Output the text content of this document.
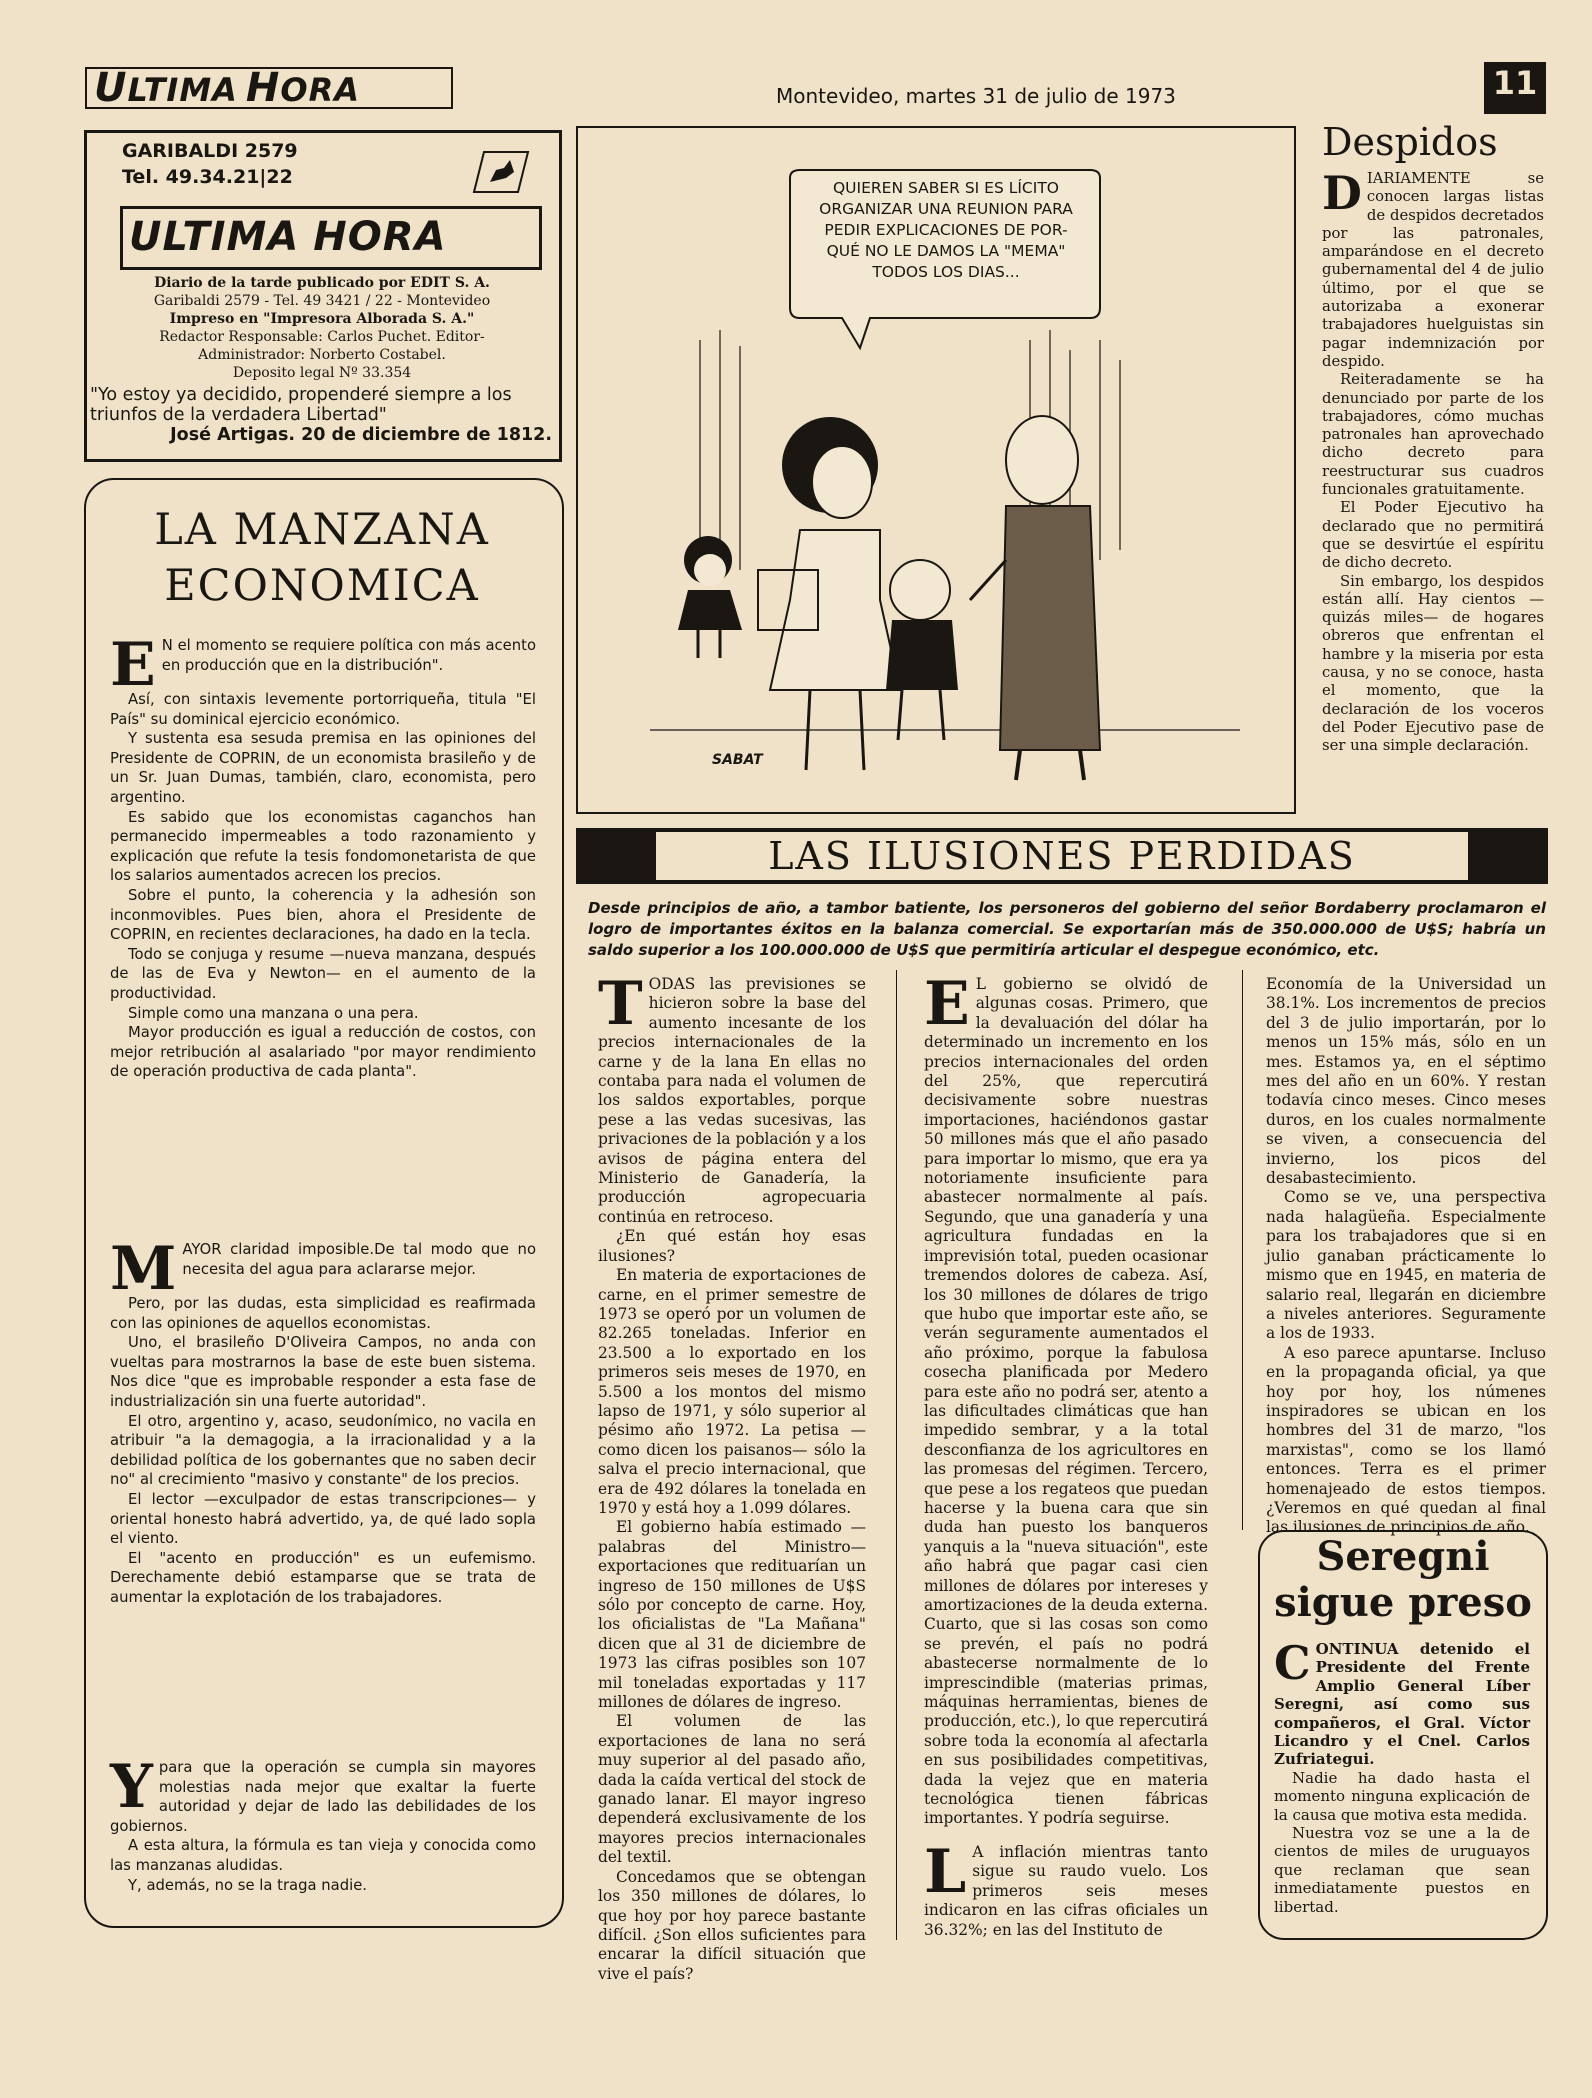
ULTIMA HORA	Montevideo, martes 31 de julio de 1973	11
GARIBALDI 2579
Tel. 49.34.21|22
ULTIMA HORA
Diario de la tarde publicado por EDIT S. A.
Garibaldi 2579 - Tel. 49 3421 / 22 - Montevideo
Impreso en "Impresora Alborada S. A."
Redactor Responsable: Carlos Puchet. Editor-
Administrador: Norberto Costabel.
Deposito legal Nº 33.354
"Yo estoy ya decidido, propenderé siempre a los triunfos de la verdadera Libertad"
José Artigas. 20 de diciembre de 1812.
LA MANZANA
ECONOMICA

E N el momento se requiere política con más acento en producción que en la distribución".

Así, con sintaxis levemente portorriqueña, titula "El País" su dominical ejercicio económico.

Y sustenta esa sesuda premisa en las opiniones del Presidente de COPRIN, de un economista brasileño y de un Sr. Juan Dumas, también, claro, economista, pero argentino.

Es sabido que los economistas caganchos han permanecido impermeables a todo razonamiento y explicación que refute la tesis fondomonetarista de que los salarios aumentados acrecen los precios.

Sobre el punto, la coherencia y la adhesión son inconmovibles. Pues bien, ahora el Presidente de COPRIN, en recientes declaraciones, ha dado en la tecla.

Todo se conjuga y resume —nueva manzana, después de las de Eva y Newton— en el aumento de la productividad.

Simple como una manzana o una pera.

Mayor producción es igual a reducción de costos, con mejor retribución al asalariado "por mayor rendimiento de operación productiva de cada planta".

MAYOR claridad imposible.De tal modo que no necesita del agua para aclararse mejor.

Pero, por las dudas, esta simplicidad es reafirmada con las opiniones de aquellos economistas.

Uno, el brasileño D'Oliveira Campos, no anda con vueltas para mostrarnos la base de este buen sistema. Nos dice "que es improbable responder a esta fase de industrialización sin una fuerte autoridad".

El otro, argentino y, acaso, seudonímico, no vacila en atribuir "a la demagogia, a la irracionalidad y a la debilidad política de los gobernantes que no saben decir no" al crecimiento "masivo y constante" de los precios.

El lector —exculpador de estas transcripciones— y oriental honesto habrá advertido, ya, de qué lado sopla el viento.

El "acento en producción" es un eufemismo. Derechamente debió estamparse que se trata de aumentar la explotación de los trabajadores.

Ypara que la operación se cumpla sin mayores molestias nada mejor que exaltar la fuerte autoridad y dejar de lado las debilidades de los gobiernos.

A esta altura, la fórmula es tan vieja y conocida como las manzanas aludidas.

Y, además, no se la traga nadie.

QUIEREN SABER SI ES LÍCITO
ORGANIZAR UNA REUNION PARA
PEDIR EXPLICACIONES DE POR-
QUÉ NO LE DAMOS LA "MEMA"
TODOS LOS DIAS...
SABAT
Despidos

DIARIAMENTE se conocen largas listas de despidos decretados por las patronales, amparándose en el decreto gubernamental del 4 de julio último, por el que se autorizaba a exonerar trabajadores huelguistas sin pagar indemnización por despido.

Reiteradamente se ha denunciado por parte de los trabajadores, cómo muchas patronales han aprovechado dicho decreto para reestructurar sus cuadros funcionales gratuitamente.

El Poder Ejecutivo ha declarado que no permitirá que se desvirtúe el espíritu de dicho decreto.

Sin embargo, los despidos están allí. Hay cientos —quizás miles— de hogares obreros que enfrentan el hambre y la miseria por esta causa, y no se conoce, hasta el momento, que la declaración de los voceros del Poder Ejecutivo pase de ser una simple declaración.

LAS ILUSIONES PERDIDAS
Desde principios de año, a tambor batiente, los personeros del gobierno del señor Bordaberry proclamaron el logro de importantes éxitos en la balanza comercial. Se exportarían más de 350.000.000 de U$S; habría un saldo superior a los 100.000.000 de U$S que permitiría articular el despegue económico, etc.

TODAS las previsiones se hicieron sobre la base del aumento incesante de los precios internacionales de la carne y de la lana En ellas no contaba para nada el volumen de los saldos exportables, porque pese a las vedas sucesivas, las privaciones de la población y a los avisos de página entera del Ministerio de Ganadería, la producción agropecuaria continúa en retroceso.

¿En qué están hoy esas ilusiones?

En materia de exportaciones de carne, en el primer semestre de 1973 se operó por un volumen de 82.265 toneladas. Inferior en 23.500 a lo exportado en los primeros seis meses de 1970, en 5.500 a los montos del mismo lapso de 1971, y sólo superior al pésimo año 1972. La petisa —como dicen los paisanos— sólo la salva el precio internacional, que era de 492 dólares la tonelada en 1970 y está hoy a 1.099 dólares.

El gobierno había estimado —palabras del Ministro— exportaciones que redituarían un ingreso de 150 millones de U$S sólo por concepto de carne. Hoy, los oficialistas de "La Mañana" dicen que al 31 de diciembre de 1973 las cifras posibles son 107 mil toneladas exportadas y 117 millones de dólares de ingreso.

El volumen de las exportaciones de lana no será muy superior al del pasado año, dada la caída vertical del stock de ganado lanar. El mayor ingreso dependerá exclusivamente de los mayores precios internacionales del textil.

Concedamos que se obtengan los 350 millones de dólares, lo que hoy por hoy parece bastante difícil. ¿Son ellos suficientes para encarar la difícil situación que vive el país?

E L gobierno se olvidó de algunas cosas. Primero, que la devaluación del dólar ha determinado un incremento en los precios internacionales del orden del 25%, que repercutirá decisivamente sobre nuestras importaciones, haciéndonos gastar 50 millones más que el año pasado para importar lo mismo, que era ya notoriamente insuficiente para abastecer normalmente al país. Segundo, que una ganadería y una agricultura fundadas en la imprevisión total, pueden ocasionar tremendos dolores de cabeza. Así, los 30 millones de dólares de trigo que hubo que importar este año, se verán seguramente aumentados el año próximo, porque la fabulosa cosecha planificada por Medero para este año no podrá ser, atento a las dificultades climáticas que han impedido sembrar, y a la total desconfianza de los agricultores en las promesas del régimen. Tercero, que pese a los regateos que puedan hacerse y la buena cara que sin duda han puesto los banqueros yanquis a la "nueva situación", este año habrá que pagar casi cien millones de dólares por intereses y amortizaciones de la deuda externa. Cuarto, que si las cosas son como se prevén, el país no podrá abastecerse normalmente de lo imprescindible (materias primas, máquinas herramientas, bienes de producción, etc.), lo que repercutirá sobre toda la economía al afectarla en sus posibilidades competitivas, dada la vejez que en materia tecnológica tienen fábricas importantes. Y podría seguirse.

L A inflación mientras tanto sigue su raudo vuelo. Los primeros seis meses indicaron en las cifras oficiales un 36.32%; en las del Instituto de

Economía de la Universidad un 38.1%. Los incrementos de precios del 3 de julio importarán, por lo menos un 15% más, sólo en un mes. Estamos ya, en el séptimo mes del año en un 60%. Y restan todavía cinco meses. Cinco meses duros, en los cuales normalmente se viven, a consecuencia del invierno, los picos del desabastecimiento.

Como se ve, una perspectiva nada halagüeña. Especialmente para los trabajadores que si en julio ganaban prácticamente lo mismo que en 1945, en materia de salario real, llegarán en diciembre a niveles anteriores. Seguramente a los de 1933.

A eso parece apuntarse. Incluso en la propaganda oficial, ya que hoy por hoy, los númenes inspiradores se ubican en los hombres del 31 de marzo, "los marxistas", como se los llamó entonces. Terra es el primer homenajeado de estos tiempos. ¿Veremos en qué quedan al final las ilusiones de principios de año.

Seregni
sigue preso

CONTINUA detenido el Presidente del Frente Amplio General Líber Seregni, así como sus compañeros, el Gral. Víctor Licandro y el Cnel. Carlos Zufriategui.

Nadie ha dado hasta el momento ninguna explicación de la causa que motiva esta medida.

Nuestra voz se une a la de cientos de miles de uruguayos que reclaman que sean inmediatamente puestos en libertad.
